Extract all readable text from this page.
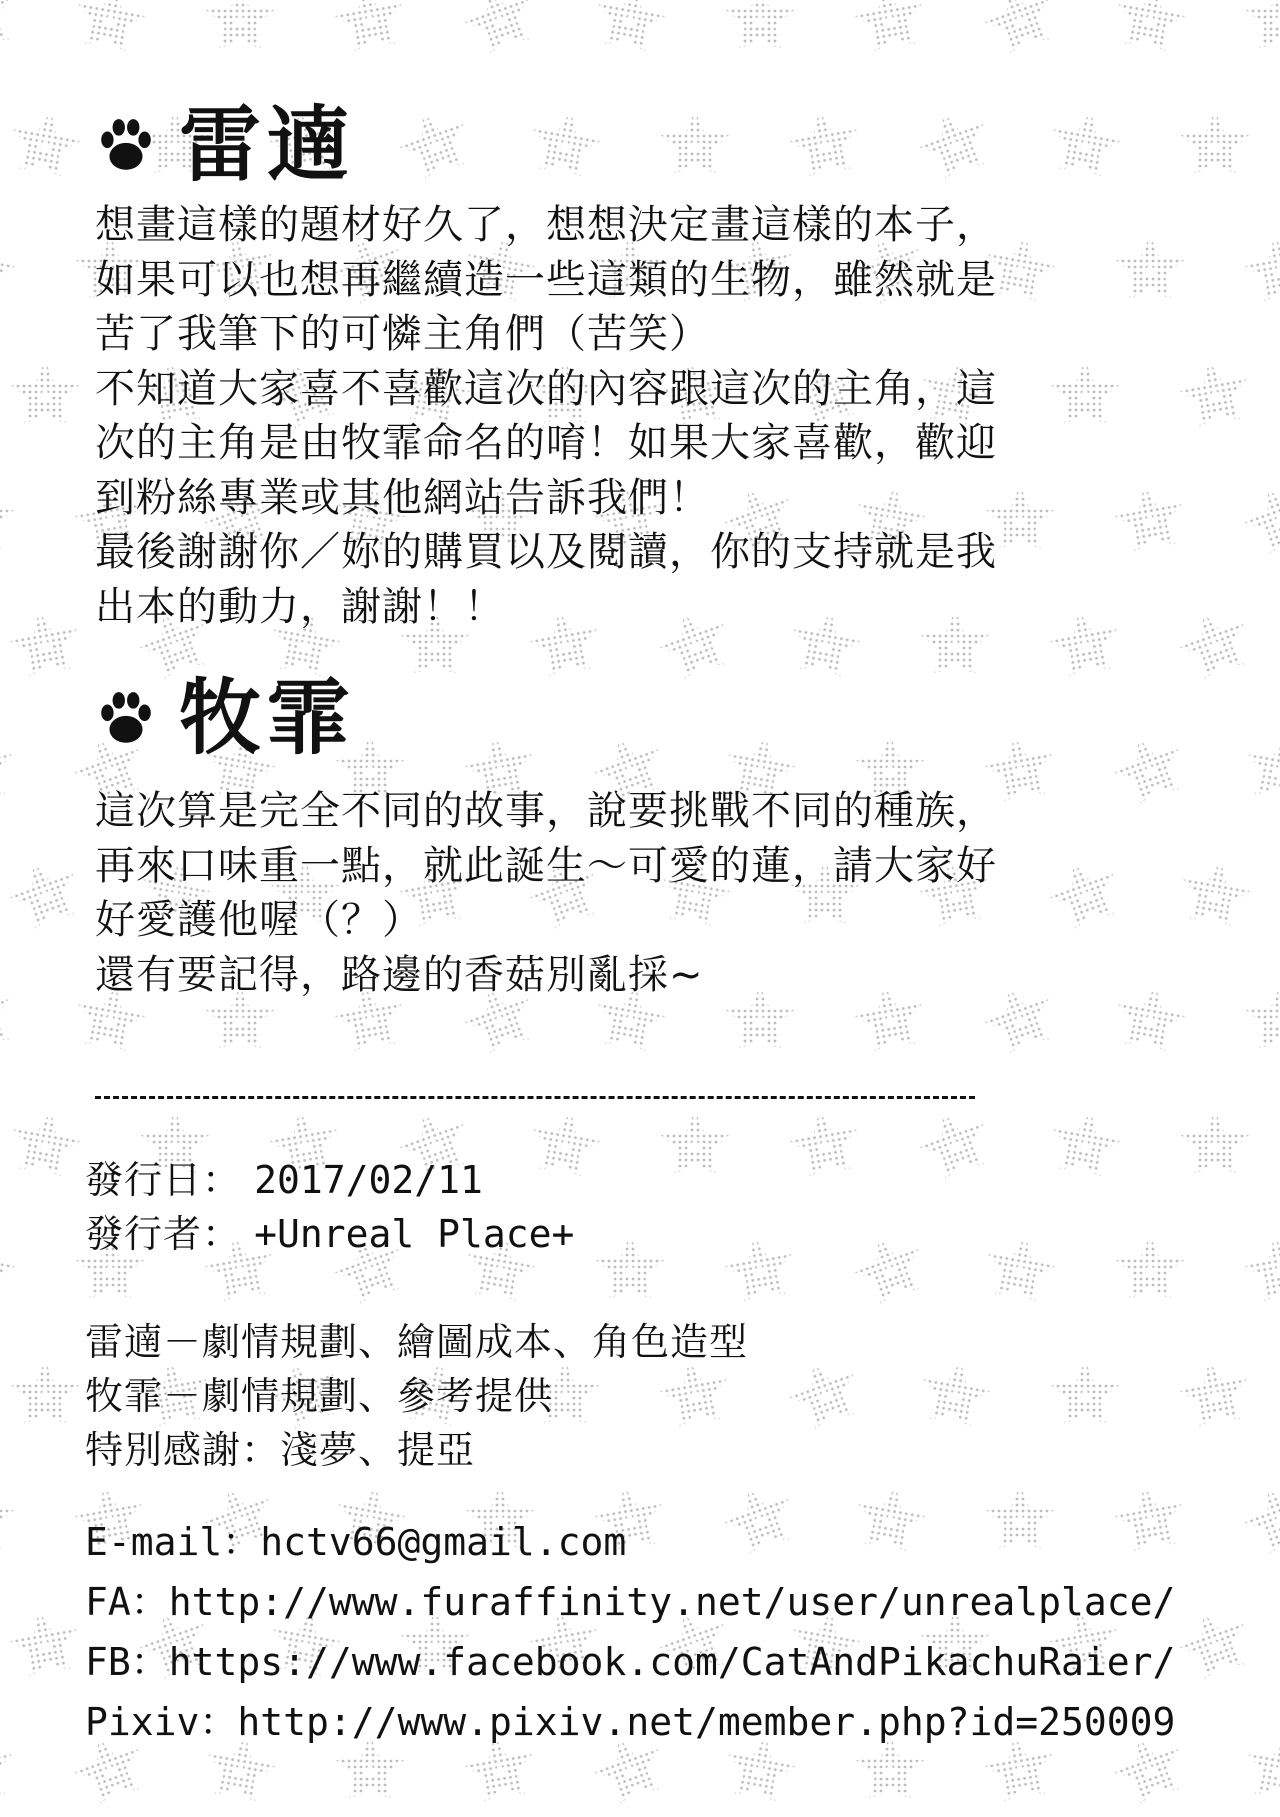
雷遖
想畫這樣的題材好久了，想想決定畫這樣的本子，
如果可以也想再繼續造一些這類的生物，雖然就是
苦了我筆下的可憐主角們（苦笑）
不知道大家喜不喜歡這次的內容跟這次的主角，這
次的主角是由牧霏命名的唷！如果大家喜歡，歡迎
到粉絲專業或其他網站告訴我們！
最後謝謝你／妳的購買以及閱讀，你的支持就是我
出本的動力，謝謝！！
牧霏
這次算是完全不同的故事，說要挑戰不同的種族，
再來口味重一點，就此誕生～可愛的蓮，請大家好
好愛護他喔（？）
還有要記得，路邊的香菇別亂採~
發行日： 2017/02/11
發行者： +Unreal Place+
雷遖－劇情規劃、繪圖成本、角色造型
牧霏－劇情規劃、參考提供
特別感謝：淺夢、提亞
E-mail：hctv66@gmail.com
FA：http://www.furaffinity.net/user/unrealplace/
FB：https://www.facebook.com/CatAndPikachuRaier/
Pixiv：http://www.pixiv.net/member.php?id=250009
